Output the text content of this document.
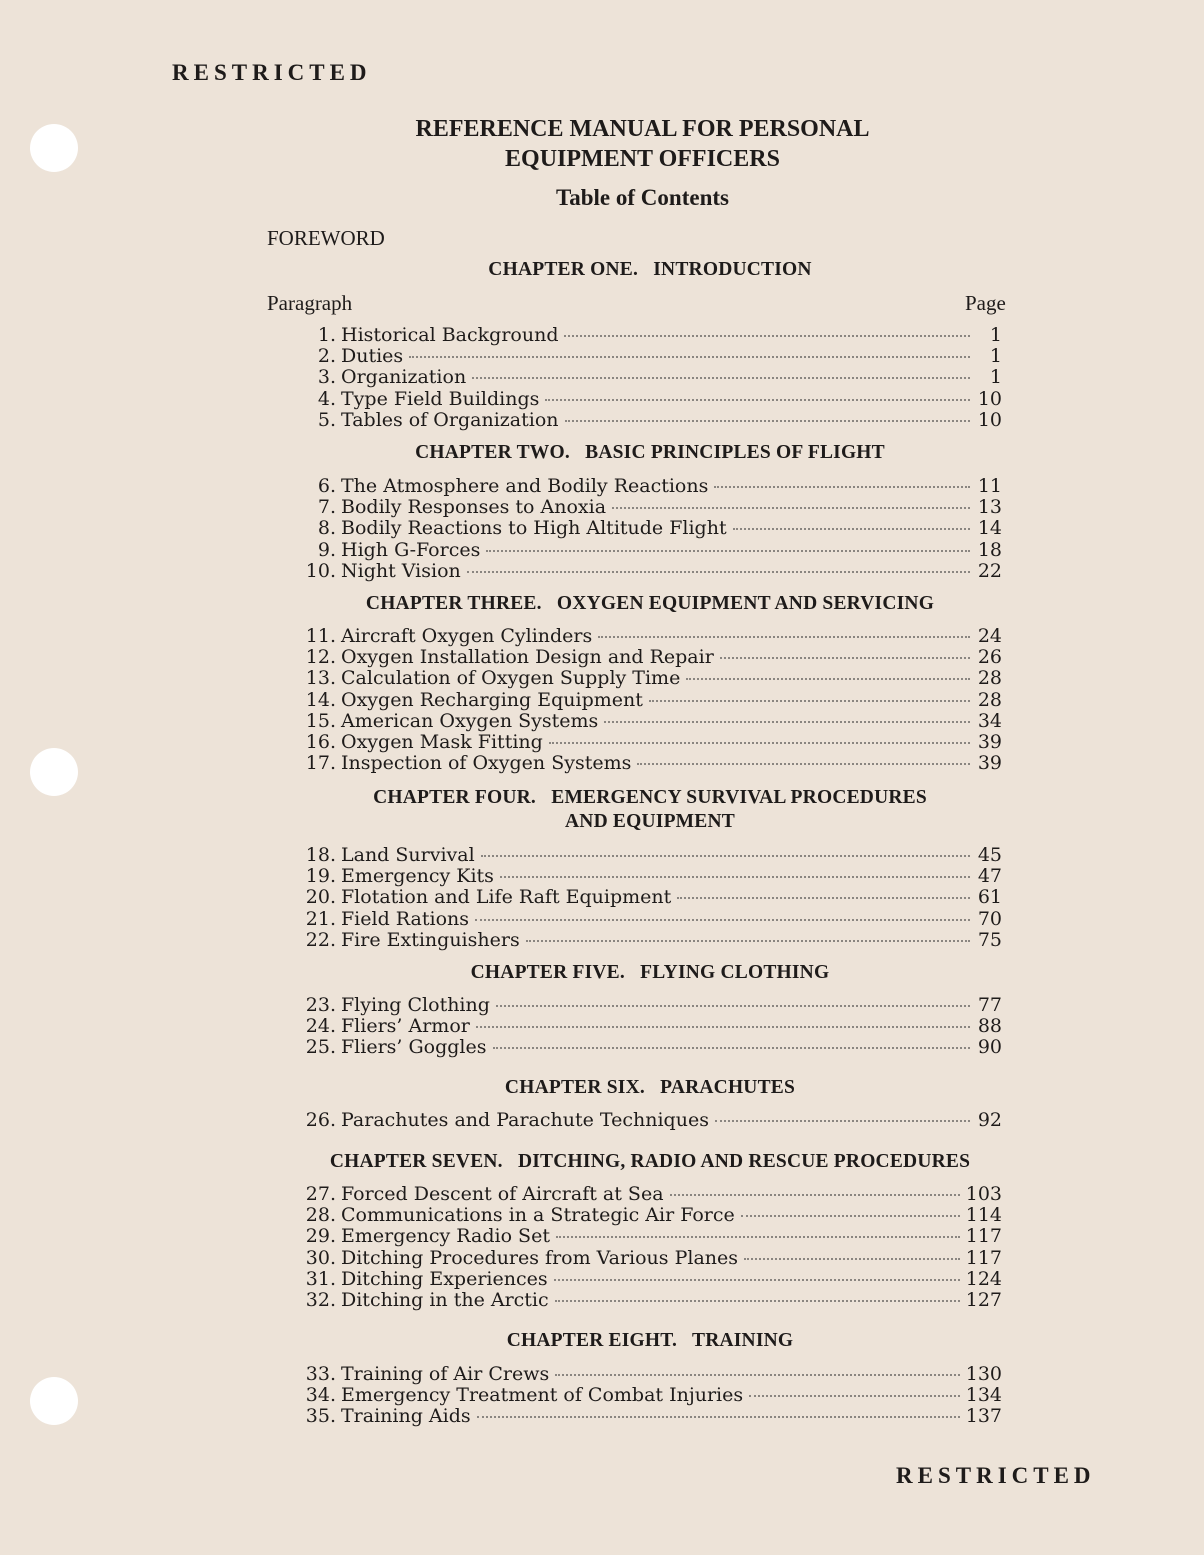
RESTRICTED
REFERENCE MANUAL FOR PERSONAL
EQUIPMENT OFFICERS
Table of Contents
FOREWORD
Paragraph	Page
CHAPTER ONE.   INTRODUCTION
1. Historical Background	1
2. Duties	1
3. Organization	1
4. Type Field Buildings	10
5. Tables of Organization	10
CHAPTER TWO.   BASIC PRINCIPLES OF FLIGHT
6. The Atmosphere and Bodily Reactions	11
7. Bodily Responses to Anoxia	13
8. Bodily Reactions to High Altitude Flight	14
9. High G-Forces	18
10. Night Vision	22
CHAPTER THREE.   OXYGEN EQUIPMENT AND SERVICING
11. Aircraft Oxygen Cylinders	24
12. Oxygen Installation Design and Repair	26
13. Calculation of Oxygen Supply Time	28
14. Oxygen Recharging Equipment	28
15. American Oxygen Systems	34
16. Oxygen Mask Fitting	39
17. Inspection of Oxygen Systems	39
CHAPTER FOUR.   EMERGENCY SURVIVAL PROCEDURES
AND EQUIPMENT
18. Land Survival	45
19. Emergency Kits	47
20. Flotation and Life Raft Equipment	61
21. Field Rations	70
22. Fire Extinguishers	75
CHAPTER FIVE.   FLYING CLOTHING
23. Flying Clothing	77
24. Fliers’ Armor	88
25. Fliers’ Goggles	90
CHAPTER SIX.   PARACHUTES
26. Parachutes and Parachute Techniques	92
CHAPTER SEVEN.   DITCHING, RADIO AND RESCUE PROCEDURES
27. Forced Descent of Aircraft at Sea	103
28. Communications in a Strategic Air Force	114
29. Emergency Radio Set	117
30. Ditching Procedures from Various Planes	117
31. Ditching Experiences	124
32. Ditching in the Arctic	127
CHAPTER EIGHT.   TRAINING
33. Training of Air Crews	130
34. Emergency Treatment of Combat Injuries	134
35. Training Aids	137
RESTRICTED
